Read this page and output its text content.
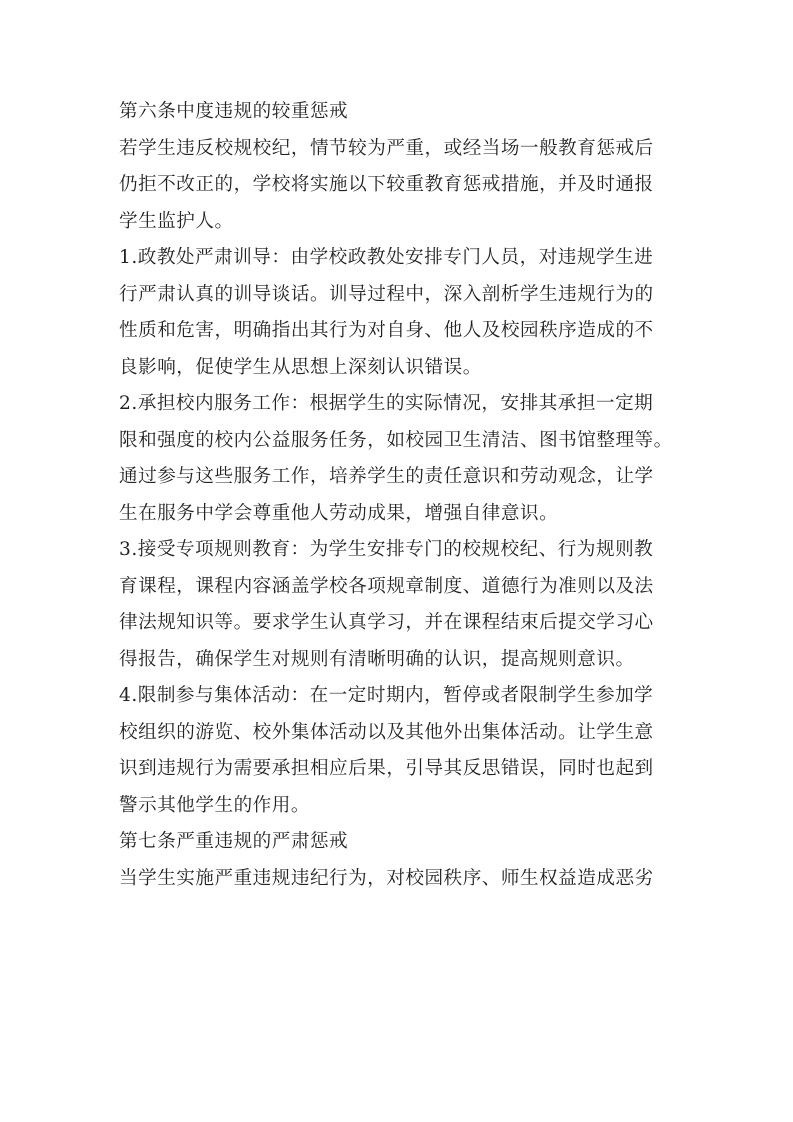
第六条中度违规的较重惩戒
若学生违反校规校纪，情节较为严重，或经当场一般教育惩戒后
仍拒不改正的，学校将实施以下较重教育惩戒措施，并及时通报
学生监护人。
1.政教处严肃训导：由学校政教处安排专门人员，对违规学生进
行严肃认真的训导谈话。训导过程中，深入剖析学生违规行为的
性质和危害，明确指出其行为对自身、他人及校园秩序造成的不
良影响，促使学生从思想上深刻认识错误。
2.承担校内服务工作：根据学生的实际情况，安排其承担一定期
限和强度的校内公益服务任务，如校园卫生清洁、图书馆整理等。
通过参与这些服务工作，培养学生的责任意识和劳动观念，让学
生在服务中学会尊重他人劳动成果，增强自律意识。
3.接受专项规则教育：为学生安排专门的校规校纪、行为规则教
育课程，课程内容涵盖学校各项规章制度、道德行为准则以及法
律法规知识等。要求学生认真学习，并在课程结束后提交学习心
得报告，确保学生对规则有清晰明确的认识，提高规则意识。
4.限制参与集体活动：在一定时期内，暂停或者限制学生参加学
校组织的游览、校外集体活动以及其他外出集体活动。让学生意
识到违规行为需要承担相应后果，引导其反思错误，同时也起到
警示其他学生的作用。
第七条严重违规的严肃惩戒
当学生实施严重违规违纪行为，对校园秩序、师生权益造成恶劣
